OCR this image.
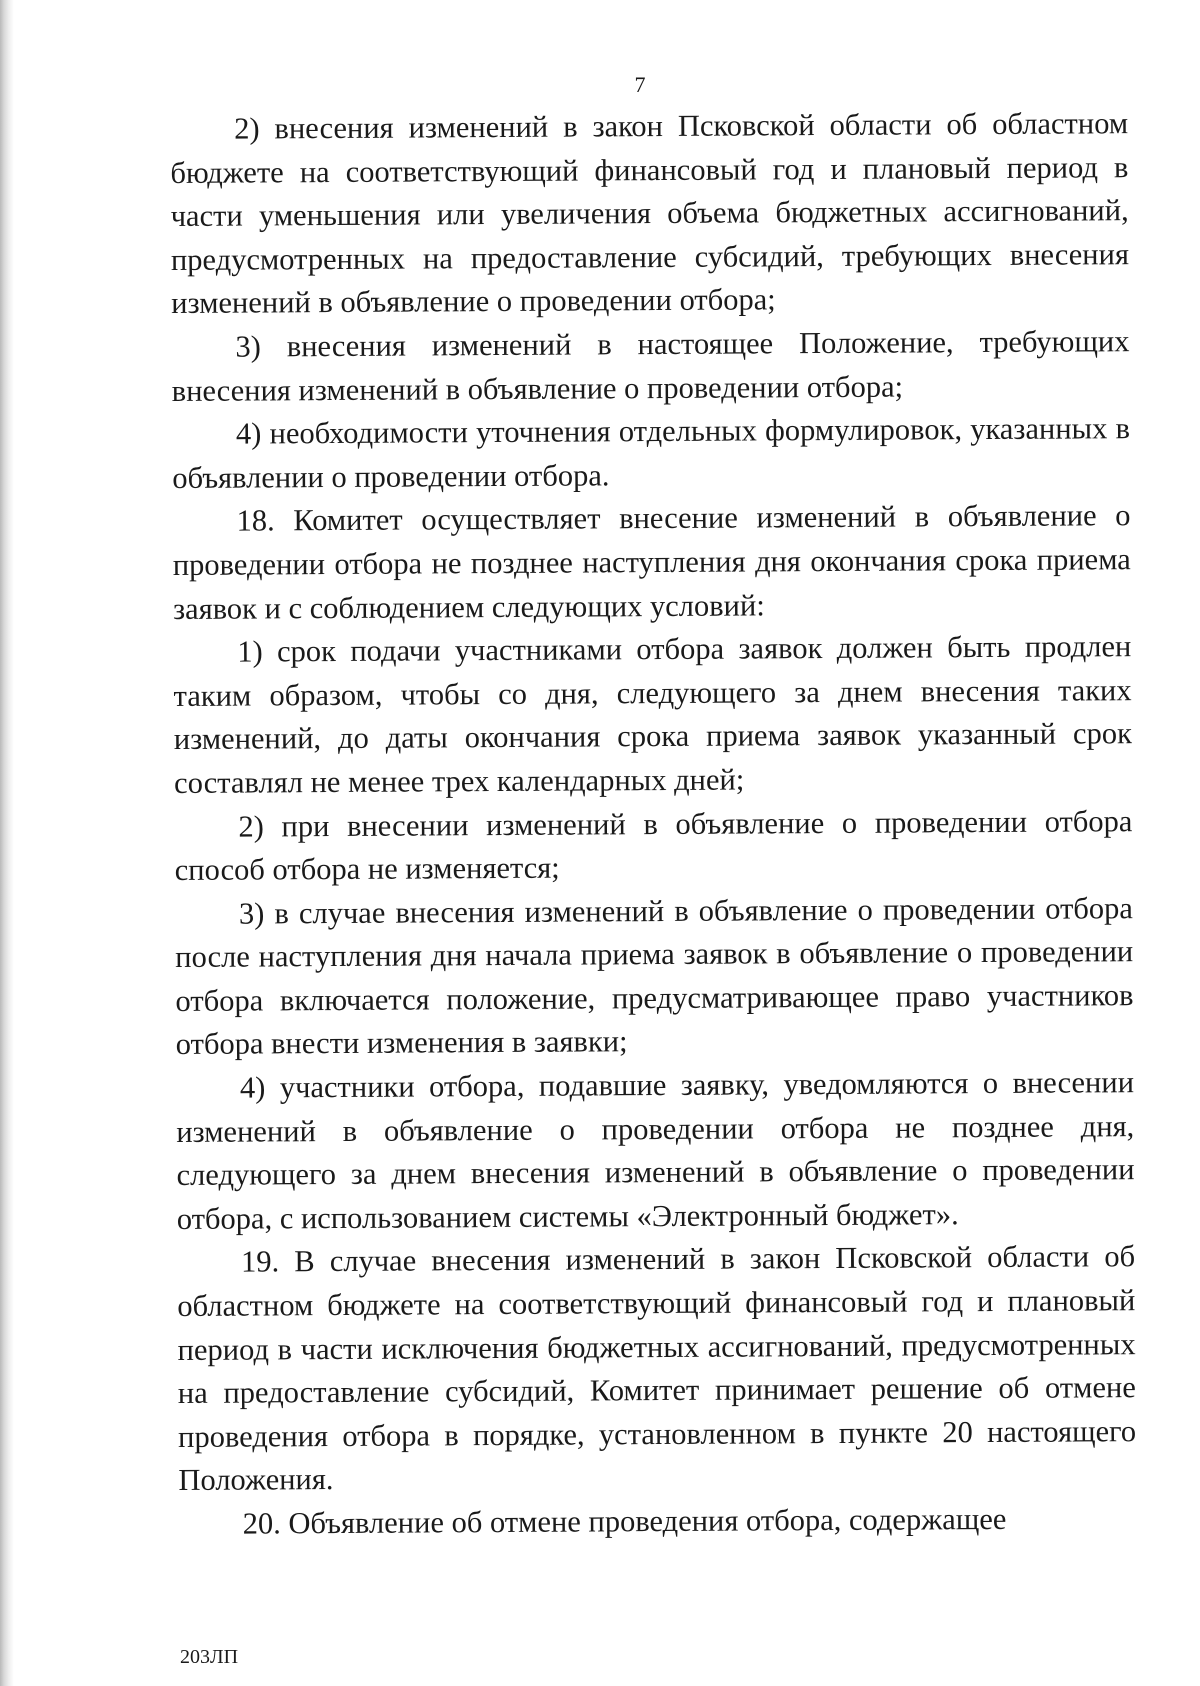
7

2) внесения изменений в закон Псковской области об областном бюджете на соответствующий финансовый год и плановый период в части уменьшения или увеличения объема бюджетных ассигнований, предусмотренных на предоставление субсидий, требующих внесения изменений в объявление о проведении отбора;

3) внесения изменений в настоящее Положение, требующих внесения изменений в объявление о проведении отбора;

4) необходимости уточнения отдельных формулировок, указанных в объявлении о проведении отбора.

18. Комитет осуществляет внесение изменений в объявление о проведении отбора не позднее наступления дня окончания срока приема заявок и с соблюдением следующих условий:

1) срок подачи участниками отбора заявок должен быть продлен таким образом, чтобы со дня, следующего за днем внесения таких изменений, до даты окончания срока приема заявок указанный срок составлял не менее трех календарных дней;

2) при внесении изменений в объявление о проведении отбора способ отбора не изменяется;

3) в случае внесения изменений в объявление о проведении отбора после наступления дня начала приема заявок в объявление о проведении отбора включается положение, предусматривающее право участников отбора внести изменения в заявки;

4) участники отбора, подавшие заявку, уведомляются о внесении изменений в объявление о проведении отбора не позднее дня, следующего за днем внесения изменений в объявление о проведении отбора, с использованием системы «Электронный бюджет».

19. В случае внесения изменений в закон Псковской области об областном бюджете на соответствующий финансовый год и плановый период в части исключения бюджетных ассигнований, предусмотренных на предоставление субсидий, Комитет принимает решение об отмене проведения отбора в порядке, установленном в пункте 20 настоящего Положения.

20. Объявление об отмене проведения отбора, содержащее

203ЛП
